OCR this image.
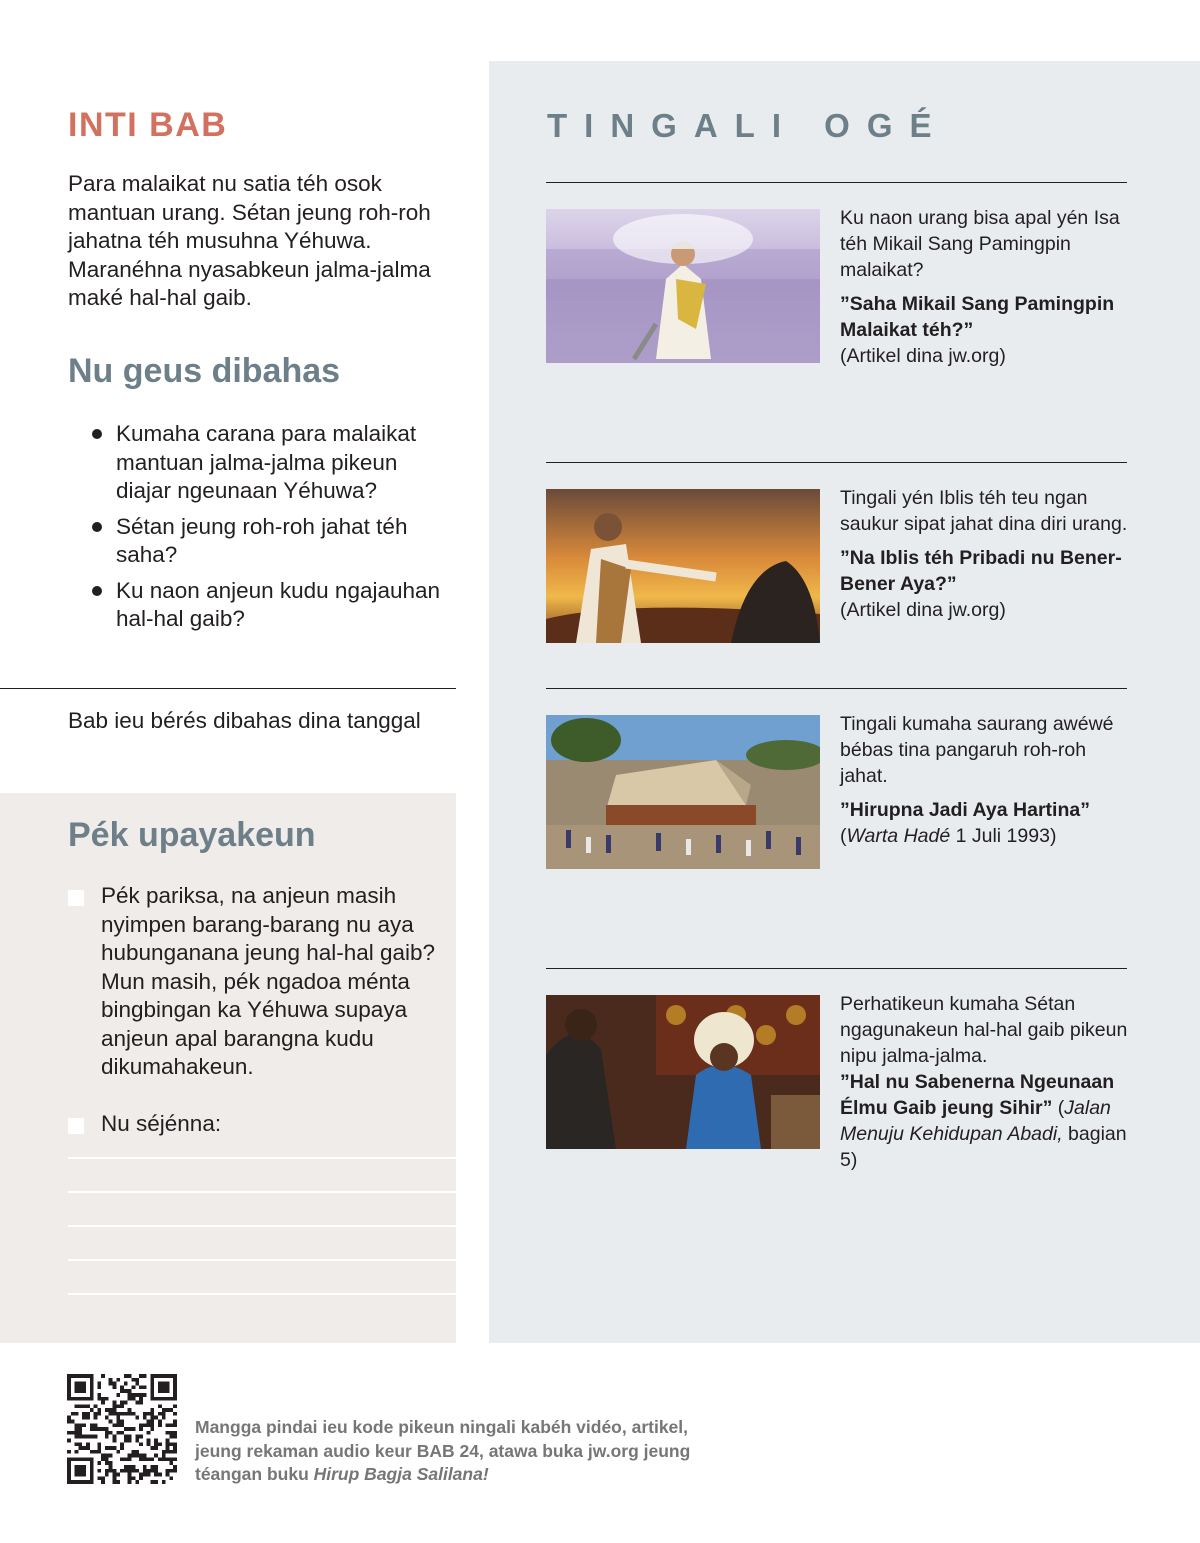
INTI BAB

Para malaikat nu satia téh osok mantuan urang. Sétan jeung roh-roh jahatna téh musuhna Yéhuwa. Maranéhna nyasabkeun jalma-jalma maké hal-hal gaib.

Nu geus dibahas
Kumaha carana para malaikat mantuan jalma-jalma pikeun diajar ngeunaan Yéhuwa?
Sétan jeung roh-roh jahat téh saha?
Ku naon anjeun kudu ngajauhan hal-hal gaib?

Bab ieu bérés dibahas dina tanggal

Pék upayakeun
Pék pariksa, na anjeun masih nyimpen barang-barang nu aya hubunganana jeung hal-hal gaib? Mun masih, pék ngadoa ménta bingbingan ka Yéhuwa supaya anjeun apal barangna kudu dikumahakeun.
Nu séjénna:
TINGALI OGÉ
Ku naon urang bisa apal yén Isa téh Mikail Sang Pamingpin malaikat?
”Saha Mikail Sang Pamingpin Malaikat téh?”
(Artikel dina jw.org)
Tingali yén Iblis téh teu ngan saukur sipat jahat dina diri urang.
”Na Iblis téh Pribadi nu Bener-Bener Aya?”
(Artikel dina jw.org)
Tingali kumaha saurang awéwé bébas tina pangaruh roh-roh jahat.
”Hirupna Jadi Aya Hartina”
(Warta Hadé 1 Juli 1993)
Perhatikeun kumaha Sétan ngagunakeun hal-hal gaib pikeun nipu jalma-jalma.
”Hal nu Sabenerna Ngeunaan Élmu Gaib jeung Sihir” (Jalan Menuju Kehidupan Abadi, bagian 5)

Mangga pindai ieu kode pikeun ningali kabéh vidéo, artikel, jeung rekaman audio keur BAB 24, atawa buka jw.org jeung téangan buku Hirup Bagja Salilana!
